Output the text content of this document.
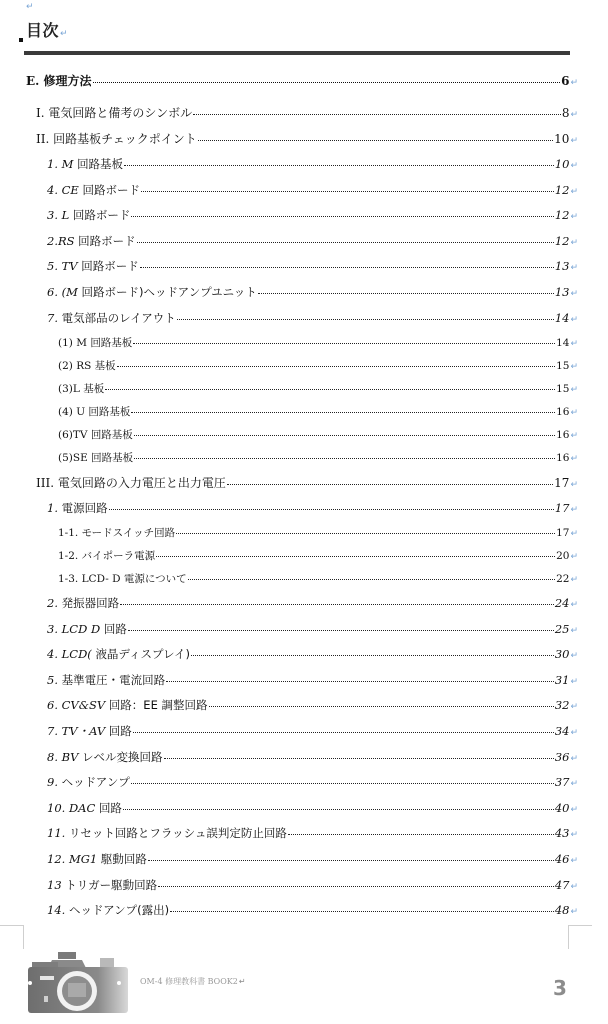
↵
目次↵
E. 修理方法	6 ↵
I. 電気回路と備考のシンボル	8 ↵
II. 回路基板チェックポイント	10 ↵
1. M 回路基板	10 ↵
4. CE 回路ボード	12 ↵
3. L 回路ボード	12 ↵
2.RS 回路ボード	12 ↵
5. TV 回路ボード	13 ↵
6. (M 回路ボード)ヘッドアンプユニット	13 ↵
7. 電気部品のレイアウト	14 ↵
(1) M 回路基板	14 ↵
(2) RS 基板	15 ↵
(3)L 基板	15 ↵
(4) U 回路基板	16 ↵
(6)TV 回路基板	16 ↵
(5)SE 回路基板	16 ↵
III. 電気回路の入力電圧と出力電圧	17 ↵
1. 電源回路	17 ↵
1-1. モードスイッチ回路	17 ↵
1-2. バイポーラ電源	20 ↵
1-3. LCD- D 電源について	22 ↵
2. 発振器回路	24 ↵
3. LCD D 回路	25 ↵
4. LCD( 液晶ディスプレイ)	30 ↵
5. 基準電圧・電流回路	31 ↵
6. CV&SV 回路：EE 調整回路	32 ↵
7. TV・AV 回路	34 ↵
8. BV レベル変換回路	36 ↵
9. ヘッドアンプ	37 ↵
10. DAC 回路	40 ↵
11. リセット回路とフラッシュ誤判定防止回路	43 ↵
12. MG1 駆動回路	46 ↵
13 トリガー駆動回路	47 ↵
14. ヘッドアンプ(露出)	48 ↵
OM-4 修理教科書 BOOK2↵	3
